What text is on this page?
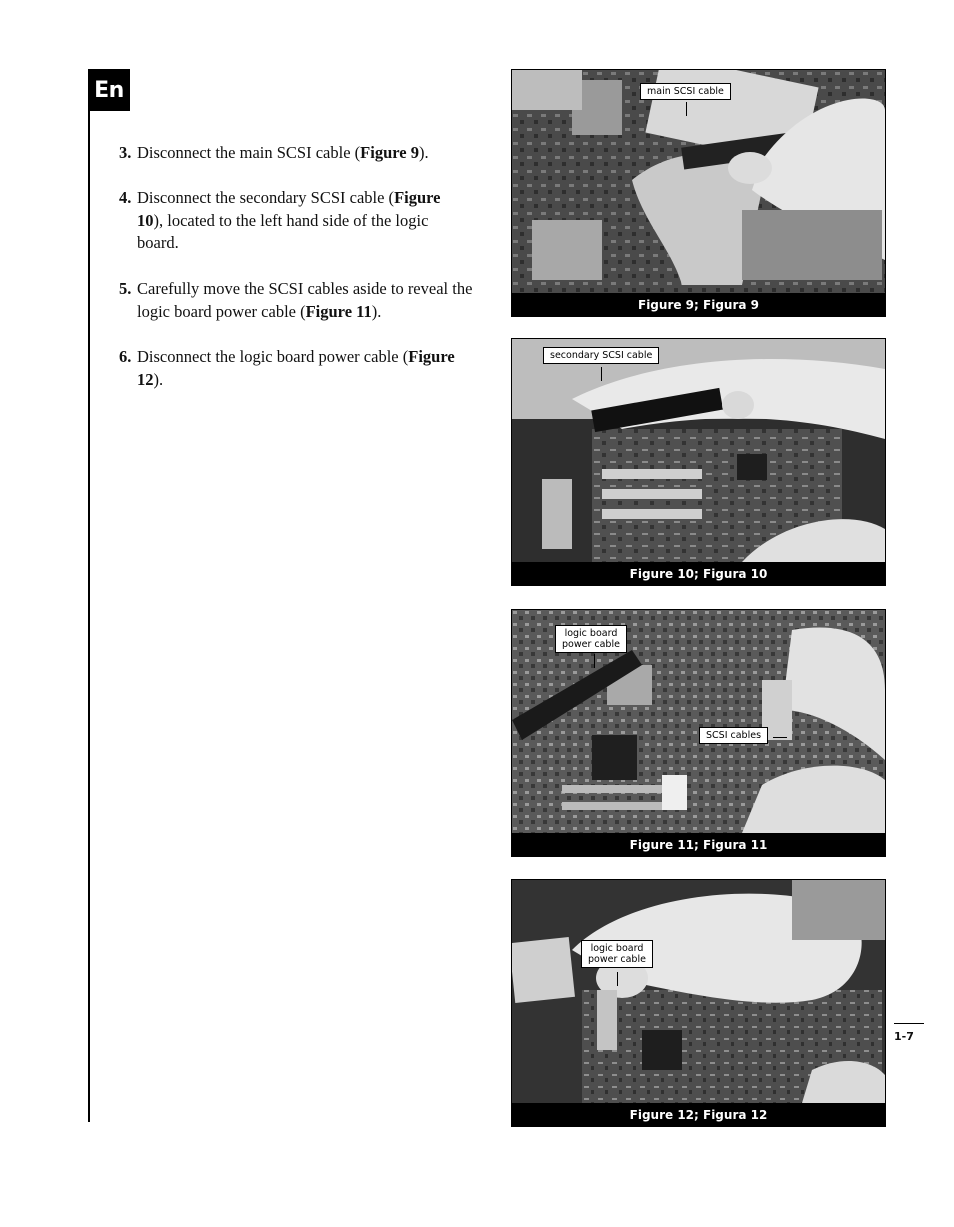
En

3. Disconnect the main SCSI cable (Figure 9).

4. Disconnect the secondary SCSI cable (Figure 10), located to the left hand side of the logic board.

5. Carefully move the SCSI cables aside to reveal the logic board power cable (Figure 11).

6. Disconnect the logic board power cable (Figure 12).

main SCSI cable
Figure 9; Figura 9
secondary SCSI cable
Figure 10; Figura 10
logic board
power cable
SCSI cables
Figure 11; Figura 11
logic board
power cable
Figure 12; Figura 12
1-7
